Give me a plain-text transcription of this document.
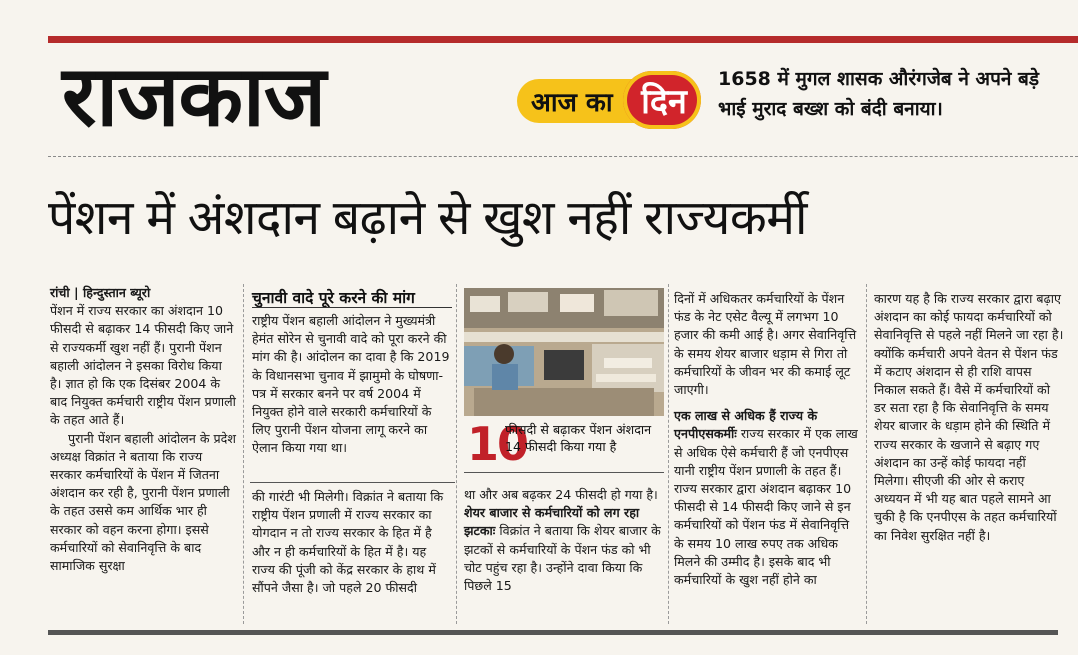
राजकाज	आज का दिन
1658 में मुगल शासक औरंगजेब ने अपने बड़े भाई मुराद बख्श को बंदी बनाया।
पेंशन में अंशदान बढ़ाने से खुश नहीं राज्यकर्मी

रांची | हिन्दुस्तान ब्यूरो

पेंशन में राज्य सरकार का अंशदान 10 फीसदी से बढ़ाकर 14 फीसदी किए जाने से राज्यकर्मी खुश नहीं हैं। पुरानी पेंशन बहाली आंदोलन ने इसका विरोध किया है। ज्ञात हो कि एक दिसंबर 2004 के बाद नियुक्त कर्मचारी राष्ट्रीय पेंशन प्रणाली के तहत आते हैं।

पुरानी पेंशन बहाली आंदोलन के प्रदेश अध्यक्ष विक्रांत ने बताया कि राज्य सरकार कर्मचारियों के पेंशन में जितना अंशदान कर रही है, पुरानी पेंशन प्रणाली के तहत उससे कम आर्थिक भार ही सरकार को वहन करना होगा। इससे कर्मचारियों को सेवानिवृत्ति के बाद सामाजिक सुरक्षा

चुनावी वादे पूरे करने की मांग

राष्ट्रीय पेंशन बहाली आंदोलन ने मुख्यमंत्री हेमंत सोरेन से चुनावी वादे को पूरा करने की मांग की है। आंदोलन का दावा है कि 2019 के विधानसभा चुनाव में झामुमो के घोषणा-पत्र में सरकार बनने पर वर्ष 2004 में नियुक्त होने वाले सरकारी कर्मचारियों के लिए पुरानी पेंशन योजना लागू करने का ऐलान किया गया था।

की गारंटी भी मिलेगी। विक्रांत ने बताया कि राष्ट्रीय पेंशन प्रणाली में राज्य सरकार का योगदान न तो राज्य सरकार के हित में है और न ही कर्मचारियों के हित में है। यह राज्य की पूंजी को केंद्र सरकार के हाथ में सौंपने जैसा है। जो पहले 20 फीसदी

10
फीसदी से बढ़ाकर पेंशन अंशदान 14 फीसदी किया गया है

था और अब बढ़कर 24 फीसदी हो गया है।

शेयर बाजार से कर्मचारियों को लग रहा झटकाः विक्रांत ने बताया कि शेयर बाजार के झटकों से कर्मचारियों के पेंशन फंड को भी चोट पहुंच रहा है। उन्होंने दावा किया कि पिछले 15

दिनों में अधिकतर कर्मचारियों के पेंशन फंड के नेट एसेट वैल्यू में लगभग 10 हजार की कमी आई है। अगर सेवानिवृत्ति के समय शेयर बाजार धड़ाम से गिरा तो कर्मचारियों के जीवन भर की कमाई लूट जाएगी।

एक लाख से अधिक हैं राज्य के एनपीएसकर्मीः राज्य सरकार में एक लाख से अधिक ऐसे कर्मचारी हैं जो एनपीएस यानी राष्ट्रीय पेंशन प्रणाली के तहत हैं। राज्य सरकार द्वारा अंशदान बढ़ाकर 10 फीसदी से 14 फीसदी किए जाने से इन कर्मचारियों को पेंशन फंड में सेवानिवृत्ति के समय 10 लाख रुपए तक अधिक मिलने की उम्मीद है। इसके बाद भी कर्मचारियों के खुश नहीं होने का

कारण यह है कि राज्य सरकार द्वारा बढ़ाए अंशदान का कोई फायदा कर्मचारियों को सेवानिवृत्ति से पहले नहीं मिलने जा रहा है। क्योंकि कर्मचारी अपने वेतन से पेंशन फंड में कटाए अंशदान से ही राशि वापस निकाल सकते हैं। वैसे में कर्मचारियों को डर सता रहा है कि सेवानिवृत्ति के समय शेयर बाजार के धड़ाम होने की स्थिति में राज्य सरकार के खजाने से बढ़ाए गए अंशदान का उन्हें कोई फायदा नहीं मिलेगा। सीएजी की ओर से कराए अध्ययन में भी यह बात पहले सामने आ चुकी है कि एनपीएस के तहत कर्मचारियों का निवेश सुरक्षित नहीं है।
